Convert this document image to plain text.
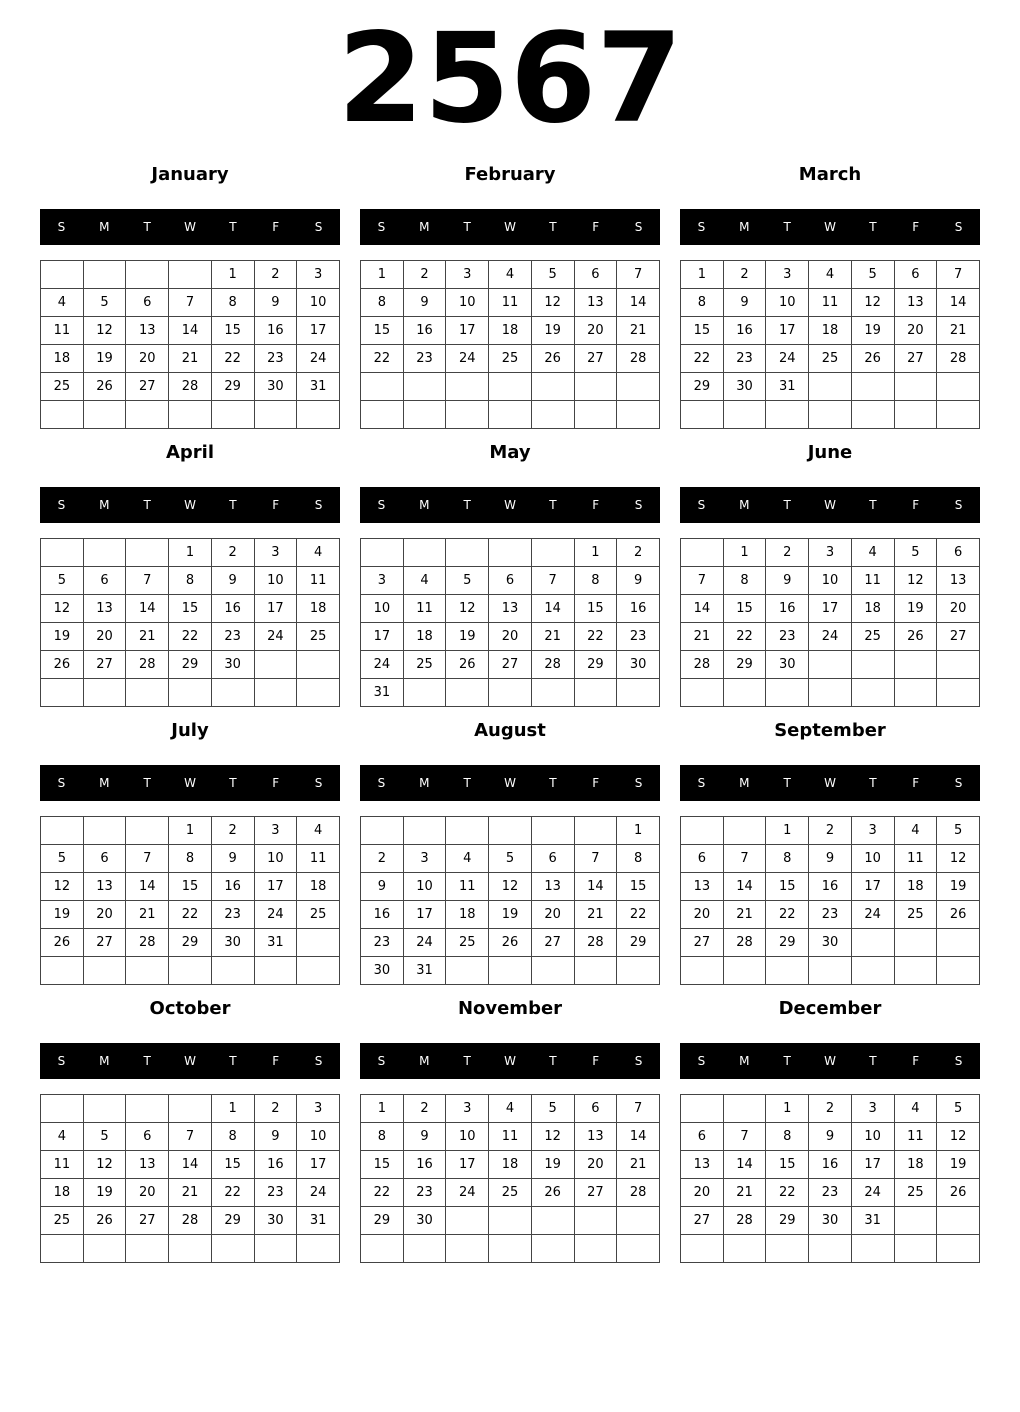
2567
January
S	M	T	W	T	F	S
				1	2	3
4	5	6	7	8	9	10
11	12	13	14	15	16	17
18	19	20	21	22	23	24
25	26	27	28	29	30	31

February
S	M	T	W	T	F	S
1	2	3	4	5	6	7
8	9	10	11	12	13	14
15	16	17	18	19	20	21
22	23	24	25	26	27	28

March
S	M	T	W	T	F	S
1	2	3	4	5	6	7
8	9	10	11	12	13	14
15	16	17	18	19	20	21
22	23	24	25	26	27	28
29	30	31				

April
S	M	T	W	T	F	S
			1	2	3	4
5	6	7	8	9	10	11
12	13	14	15	16	17	18
19	20	21	22	23	24	25
26	27	28	29	30		

May
S	M	T	W	T	F	S
					1	2
3	4	5	6	7	8	9
10	11	12	13	14	15	16
17	18	19	20	21	22	23
24	25	26	27	28	29	30
31						
June
S	M	T	W	T	F	S
	1	2	3	4	5	6
7	8	9	10	11	12	13
14	15	16	17	18	19	20
21	22	23	24	25	26	27
28	29	30				

July
S	M	T	W	T	F	S
			1	2	3	4
5	6	7	8	9	10	11
12	13	14	15	16	17	18
19	20	21	22	23	24	25
26	27	28	29	30	31	

August
S	M	T	W	T	F	S
						1
2	3	4	5	6	7	8
9	10	11	12	13	14	15
16	17	18	19	20	21	22
23	24	25	26	27	28	29
30	31					
September
S	M	T	W	T	F	S
		1	2	3	4	5
6	7	8	9	10	11	12
13	14	15	16	17	18	19
20	21	22	23	24	25	26
27	28	29	30			

October
S	M	T	W	T	F	S
				1	2	3
4	5	6	7	8	9	10
11	12	13	14	15	16	17
18	19	20	21	22	23	24
25	26	27	28	29	30	31

November
S	M	T	W	T	F	S
1	2	3	4	5	6	7
8	9	10	11	12	13	14
15	16	17	18	19	20	21
22	23	24	25	26	27	28
29	30					

December
S	M	T	W	T	F	S
		1	2	3	4	5
6	7	8	9	10	11	12
13	14	15	16	17	18	19
20	21	22	23	24	25	26
27	28	29	30	31		
